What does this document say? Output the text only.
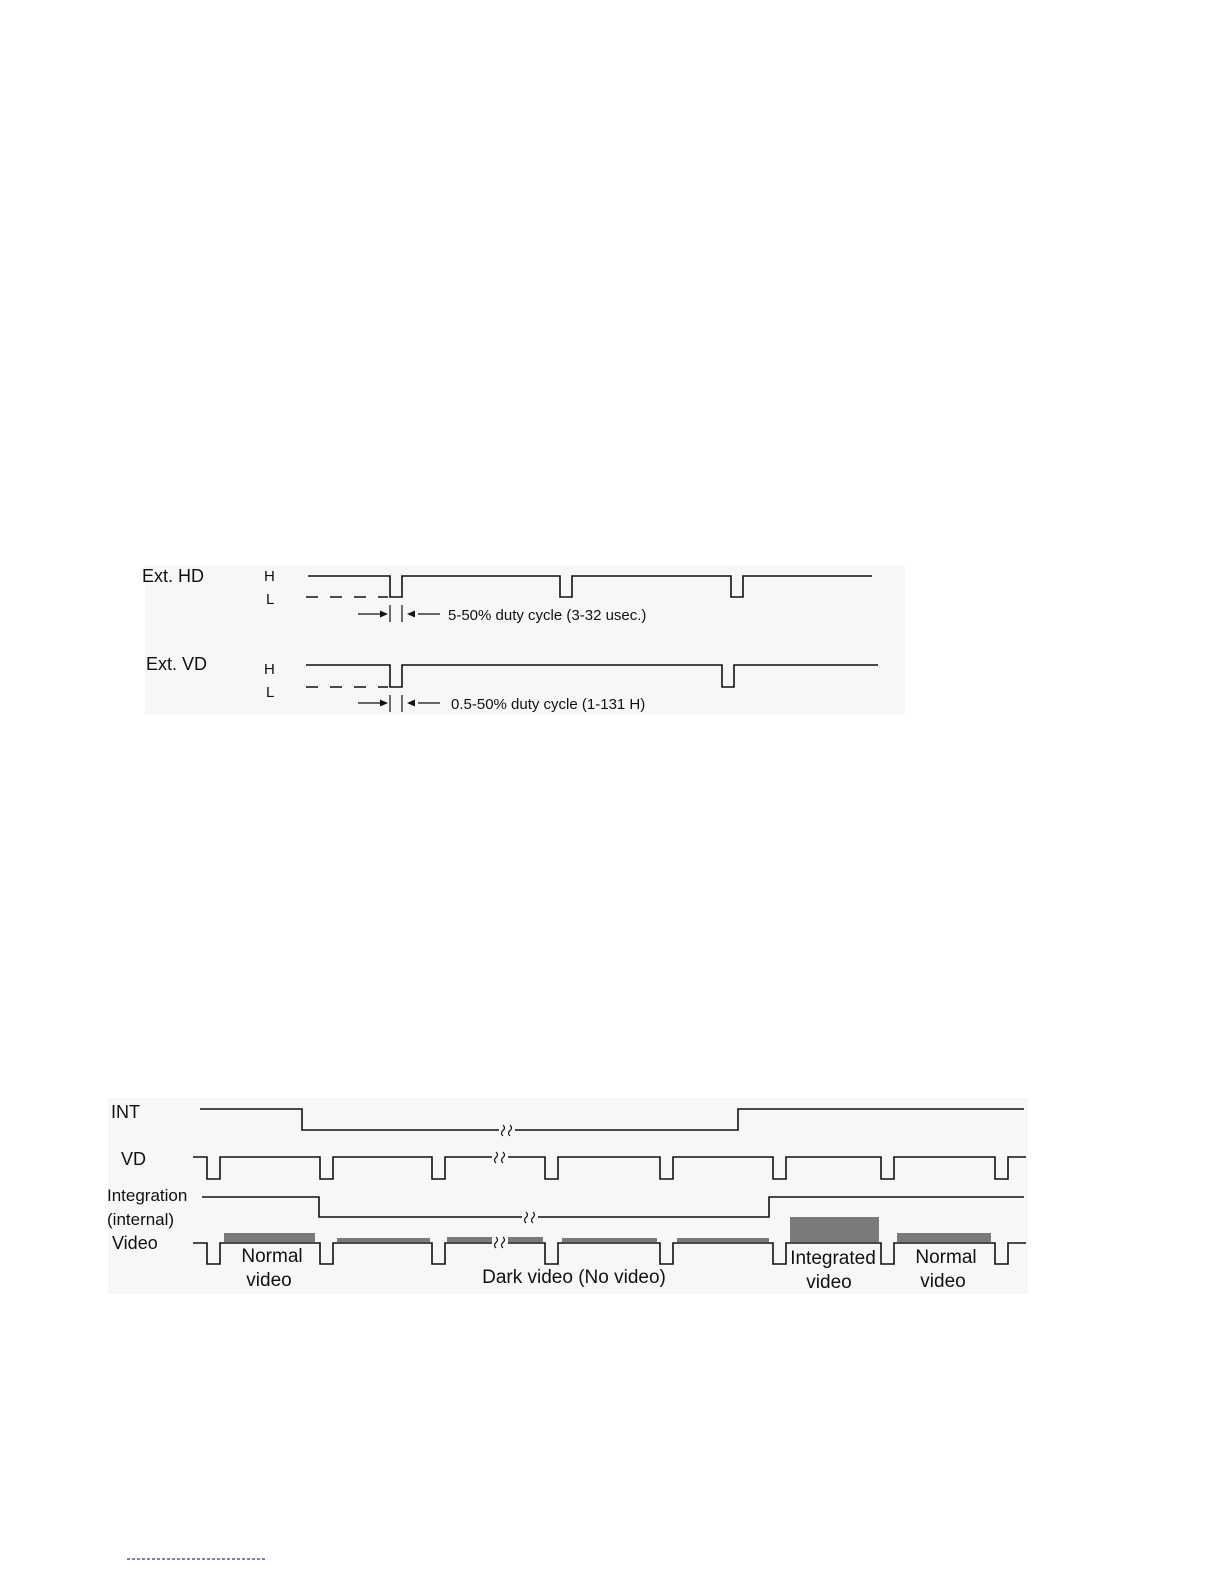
Ext. HD	H
L
5-50% duty cycle (3-32 usec.)
Ext. VD	H
L
0.5-50% duty cycle (1-131 H)
INT
VD
Integration
(internal)
Video
Normal
video	Dark video (No video)
Integrated
video
Normal
video
